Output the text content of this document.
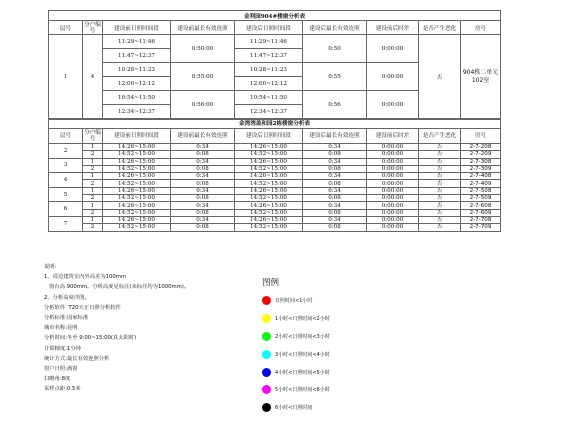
金利园904#楼窗分析表								
层号	分户编号	建设前日照时间段	建设前最长有效连照	建设后日照时间段	建设后最长有效连照	建设前后时差	是否产生恶化	房号
1	4	11:29~11:46	0:50:00	11:29~11:46	0:50	0:00:00	否	904栋二单元102室
		11:47~12:37		11:47~12:37				
		10:28~11:23	0:55:00	10:28~11:23	0:55	0:00:00		
		12:00~12:12		12:00~12:12				
		10:54~11:50	0:56:00	10:54~11:50	0:56	0:00:00		
		12:34~12:37		12:34~12:37				
金湾湾盖和园2栋楼窗分析表								
层号	分户编号	建设前日照时间段	建设前最长有效连照	建设后日照时间段	建设后最长有效连照	建设前后时差	是否产生恶化	房号
2	1	14:26~15:00	0:34	14:26~15:00	0:34	0:00:00	否	2-7-208
	2	14:52~15:00	0:08	14:52~15:00	0:08	0:00:00	否	2-7-209
3	1	14:26~15:00	0:34	14:26~15:00	0:34	0:00:00	否	2-7-308
	2	14:52~15:00	0:08	14:52~15:00	0:08	0:00:00	否	2-7-309
4	1	14:26~15:00	0:34	14:26~15:00	0:34	0:00:00	否	2-7-408
	2	14:52~15:00	0:08	14:52~15:00	0:08	0:00:00	否	2-7-409
5	1	14:26~15:00	0:34	14:26~15:00	0:34	0:00:00	否	2-7-508
	2	14:52~15:00	0:08	14:52~15:00	0:08	0:00:00	否	2-7-509
6	1	14:26~15:00	0:34	14:26~15:00	0:34	0:00:00	否	2-7-608
	2	14:52~15:00	0:08	14:52~15:00	0:08	0:00:00	否	2-7-609
7	1	14:26~15:00	0:34	14:26~15:00	0:34	0:00:00	否	2-7-708
	2	14:52~15:00	0:08	14:52~15:00	0:08	0:00:00	否	2-7-709
说明:
1、周边建筑室内外高差为100mm
窗台高 900mm。分析高度见标注(未标注均为1000mm)。
2、分析高度详图。
分析软件  T20天正日照分析软件
分析标准:国家标准
城市名称:昆明
分析时间:冬至 9:00~15:00(真太阳时)
计算精度:1分钟
统计方式:最长有效连照分析
窗户日照:满窗
扫略角:8度
采样点距:0.5米
图例
日照时间<1小时
1小时<日照时间<2小时
2小时<日照时间<3小时
3小时<日照时间<4小时
4小时<日照时间<5小时
5小时<日照时间<6小时
6小时<日照时间
